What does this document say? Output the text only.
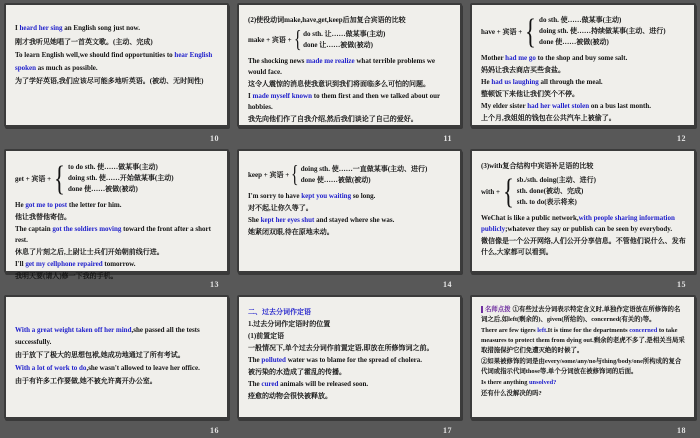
I heard her sing an English song just now.
刚才我听见她唱了一首英文歌。(主动、完成)
To learn English well,we should find opportunities to hear English spoken as much as possible.
为了学好英语,我们应该尽可能多地听英语。(被动、无时间性)
10
(2)使役动词make,have,get,keep后加复合宾语的比较
make + 宾语 + { do sth. 让……做某事(主动)
done 让……被做(被动)
The shocking news made me realize what terrible problems we would face.
这令人震惊的消息使我意识到我们将面临多么可怕的问题。
I made myself known to them first and then we talked about our hobbies.
我先向他们作了自我介绍,然后我们谈论了自己的爱好。
11
have + 宾语 + { do sth. 使……做某事(主动)
doing sth. 使……持续做某事(主动、进行)
done 使……被做(被动)
Mother had me go to the shop and buy some salt.
妈妈让我去商店买些食盐。
He had us laughing all through the meal.
整顿饭下来他让我们笑个不停。
My elder sister had her wallet stolen on a bus last month.
上个月,我姐姐的钱包在公共汽车上被偷了。
12
get + 宾语 + { to do sth. 使……做某事(主动)
doing sth. 使……开始做某事(主动)
done 使……被做(被动)
He got me to post the letter for him.
他让我替他寄信。
The captain got the soldiers moving toward the front after a short rest.
休息了片刻之后,上尉让士兵们开始朝前线行进。
I'll get my cellphone repaired tomorrow.
我明天要(请人)修一下我的手机。
13
keep + 宾语 + { doing sth. 使……一直做某事(主动、进行)
done 使……被做(被动)
I'm sorry to have kept you waiting so long.
对不起,让你久等了。
She kept her eyes shut and stayed where she was.
她紧闭双眼,待在原地未动。
14
(3)with复合结构中宾语补足语的比较
with + { sb./sth. doing(主动、进行)
sth. done(被动、完成)
sth. to do(表示将来)
WeChat is like a public network,with people sharing information publicly;whatever they say or publish can be seen by everybody.
微信像是一个公开网络,人们公开分享信息。不管他们说什么、发布什么,大家都可以看到。
15
With a great weight taken off her mind,she passed all the tests successfully.
由于放下了极大的思想包袱,她成功地通过了所有考试。
With a lot of work to do,she wasn't allowed to leave her office.
由于有许多工作要做,她不被允许离开办公室。
16
二、过去分词作定语
1.过去分词作定语时的位置
(1)前置定语
一般情况下,单个过去分词作前置定语,即放在所修饰词之前。
The polluted water was to blame for the spread of cholera.
被污染的水造成了霍乱的传播。
The cured animals will be released soon.
痊愈的动物会很快被释放。
17
名师点拨 ①有些过去分词表示特定含义时,单独作定语放在所修饰的名词之后,如left(剩余的)、given(所给的)、concerned(有关的)等。
There are few tigers left.It is time for the departments concerned to take measures to protect them from dying out.剩余的老虎不多了,是相关当局采取措施保护它们免遭灭绝的时候了。
②如果被修饰的词是由every/some/any/no与thing/body/one所构成的复合代词或指示代词those等,单个分词放在被修饰词的后面。
Is there anything unsolved?
还有什么没解决的吗?
18
